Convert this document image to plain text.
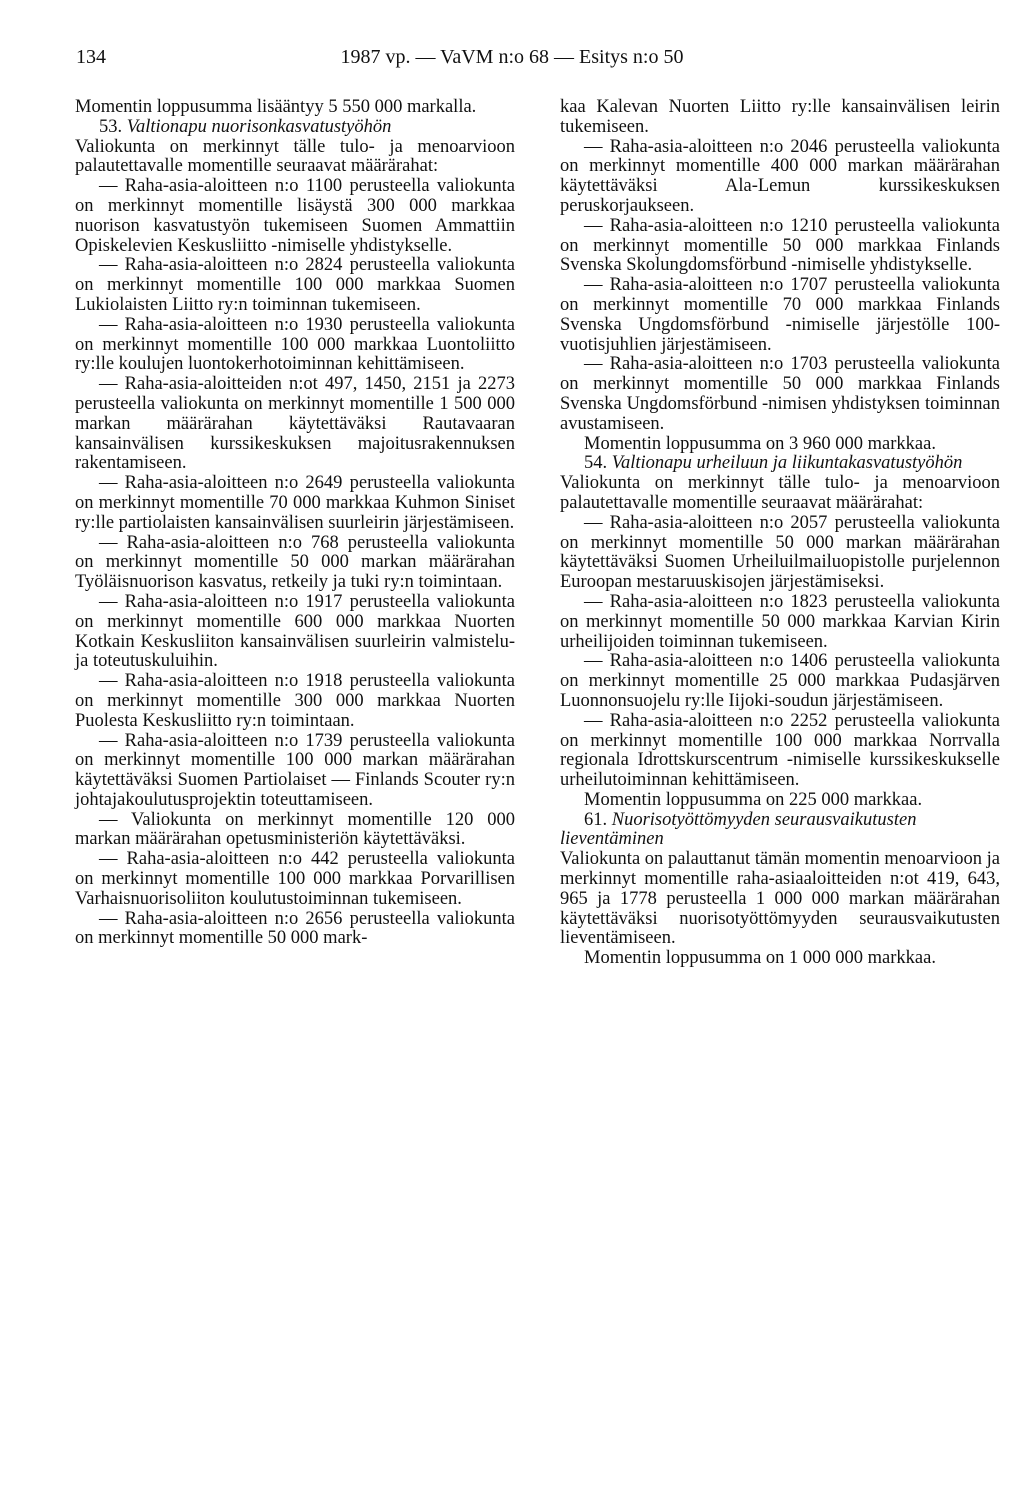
134	1987 vp. — VaVM n:o 68 — Esitys n:o 50

Momentin loppusumma lisääntyy 5 550 000 markalla.

53. Valtionapu nuorisonkasvatustyöhön

Valiokunta on merkinnyt tälle tulo- ja menoarvioon palautettavalle momentille seuraavat määrärahat:

— Raha-asia-aloitteen n:o 1100 perusteella valiokunta on merkinnyt momentille lisäystä 300 000 markkaa nuorison kasvatustyön tukemiseen Suomen Ammattiin Opiskelevien Keskusliitto -nimiselle yhdistykselle.

— Raha-asia-aloitteen n:o 2824 perusteella valiokunta on merkinnyt momentille 100 000 markkaa Suomen Lukiolaisten Liitto ry:n toiminnan tukemiseen.

— Raha-asia-aloitteen n:o 1930 perusteella valiokunta on merkinnyt momentille 100 000 markkaa Luontoliitto ry:lle koulujen luontokerhotoiminnan kehittämiseen.

— Raha-asia-aloitteiden n:ot 497, 1450, 2151 ja 2273 perusteella valiokunta on merkinnyt momentille 1 500 000 markan määrärahan käytettäväksi Rautavaaran kansainvälisen kurssikeskuksen majoitusrakennuksen rakentamiseen.

— Raha-asia-aloitteen n:o 2649 perusteella valiokunta on merkinnyt momentille 70 000 markkaa Kuhmon Siniset ry:lle partiolaisten kansainvälisen suurleirin järjestämiseen.

— Raha-asia-aloitteen n:o 768 perusteella valiokunta on merkinnyt momentille 50 000 markan määrärahan Työläisnuorison kasvatus, retkeily ja tuki ry:n toimintaan.

— Raha-asia-aloitteen n:o 1917 perusteella valiokunta on merkinnyt momentille 600 000 markkaa Nuorten Kotkain Keskusliiton kansainvälisen suurleirin valmistelu- ja toteutuskuluihin.

— Raha-asia-aloitteen n:o 1918 perusteella valiokunta on merkinnyt momentille 300 000 markkaa Nuorten Puolesta Keskusliitto ry:n toimintaan.

— Raha-asia-aloitteen n:o 1739 perusteella valiokunta on merkinnyt momentille 100 000 markan määrärahan käytettäväksi Suomen Partiolaiset — Finlands Scouter ry:n johtajakoulutusprojektin toteuttamiseen.

— Valiokunta on merkinnyt momentille 120 000 markan määrärahan opetusministeriön käytettäväksi.

— Raha-asia-aloitteen n:o 442 perusteella valiokunta on merkinnyt momentille 100 000 markkaa Porvarillisen Varhaisnuorisoliiton koulutustoiminnan tukemiseen.

— Raha-asia-aloitteen n:o 2656 perusteella valiokunta on merkinnyt momentille 50 000 mark-

kaa Kalevan Nuorten Liitto ry:lle kansainvälisen leirin tukemiseen.

— Raha-asia-aloitteen n:o 2046 perusteella valiokunta on merkinnyt momentille 400 000 markan määrärahan käytettäväksi Ala-Lemun kurssikeskuksen peruskorjaukseen.

— Raha-asia-aloitteen n:o 1210 perusteella valiokunta on merkinnyt momentille 50 000 markkaa Finlands Svenska Skolungdomsförbund -nimiselle yhdistykselle.

— Raha-asia-aloitteen n:o 1707 perusteella valiokunta on merkinnyt momentille 70 000 markkaa Finlands Svenska Ungdomsförbund -nimiselle järjestölle 100-vuotisjuhlien järjestämiseen.

— Raha-asia-aloitteen n:o 1703 perusteella valiokunta on merkinnyt momentille 50 000 markkaa Finlands Svenska Ungdomsförbund -nimisen yhdistyksen toiminnan avustamiseen.

Momentin loppusumma on 3 960 000 markkaa.

54. Valtionapu urheiluun ja liikuntakasvatustyöhön

Valiokunta on merkinnyt tälle tulo- ja menoarvioon palautettavalle momentille seuraavat määrärahat:

— Raha-asia-aloitteen n:o 2057 perusteella valiokunta on merkinnyt momentille 50 000 markan määrärahan käytettäväksi Suomen Urheiluilmailuopistolle purjelennon Euroopan mestaruuskisojen järjestämiseksi.

— Raha-asia-aloitteen n:o 1823 perusteella valiokunta on merkinnyt momentille 50 000 markkaa Karvian Kirin urheilijoiden toiminnan tukemiseen.

— Raha-asia-aloitteen n:o 1406 perusteella valiokunta on merkinnyt momentille 25 000 markkaa Pudasjärven Luonnonsuojelu ry:lle Iijoki-soudun järjestämiseen.

— Raha-asia-aloitteen n:o 2252 perusteella valiokunta on merkinnyt momentille 100 000 markkaa Norrvalla regionala Idrottskurscentrum -nimiselle kurssikeskukselle urheilutoiminnan kehittämiseen.

Momentin loppusumma on 225 000 markkaa.

61. Nuorisotyöttömyyden seurausvaikutusten lieventäminen

Valiokunta on palauttanut tämän momentin menoarvioon ja merkinnyt momentille raha-asiaaloitteiden n:ot 419, 643, 965 ja 1778 perusteella 1 000 000 markan määrärahan käytettäväksi nuorisotyöttömyyden seurausvaikutusten lieventämiseen.

Momentin loppusumma on 1 000 000 markkaa.
